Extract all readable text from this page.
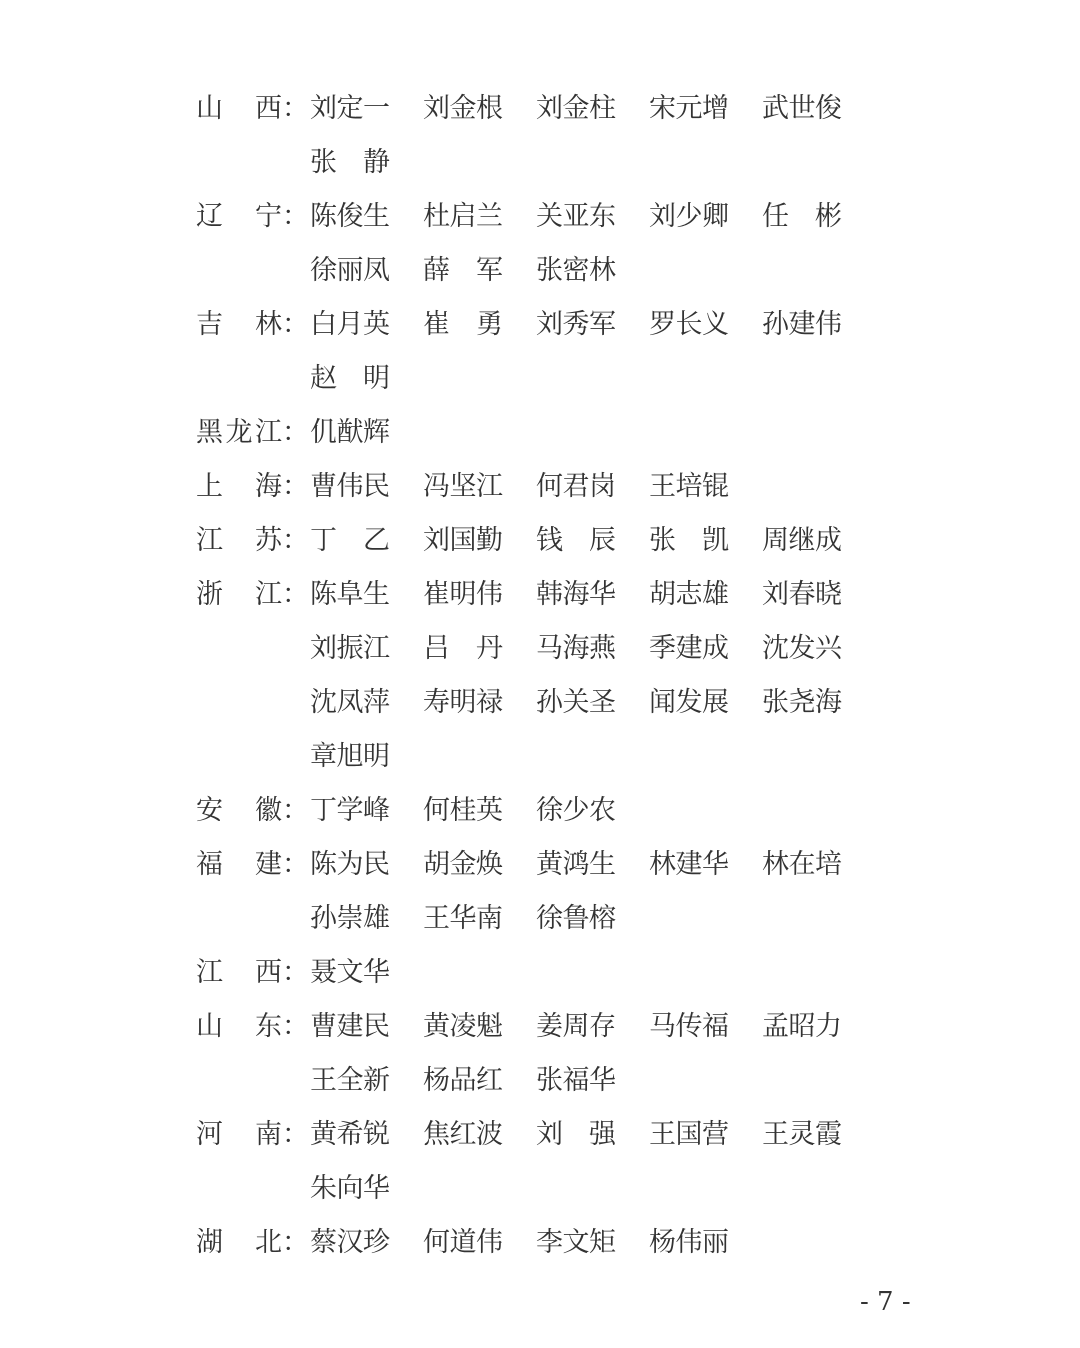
山 西 ： 刘 定 一 刘 金 根 刘 金 柱 宋 元 增 武 世 俊
张 静
辽 宁 ： 陈 俊 生 杜 启 兰 关 亚 东 刘 少 卿 任 彬
徐 丽 凤 薛 军 张 密 林
吉 林 ： 白 月 英 崔 勇 刘 秀 军 罗 长 义 孙 建 伟
赵 明
黑 龙 江 ： 仉 猷 辉
上 海 ： 曹 伟 民 冯 坚 江 何 君 岗 王 培 锟
江 苏 ： 丁 乙 刘 国 勤 钱 辰 张 凯 周 继 成
浙 江 ： 陈 阜 生 崔 明 伟 韩 海 华 胡 志 雄 刘 春 晓
刘 振 江 吕 丹 马 海 燕 季 建 成 沈 发 兴
沈 凤 萍 寿 明 禄 孙 关 圣 闻 发 展 张 尧 海
章 旭 明
安 徽 ： 丁 学 峰 何 桂 英 徐 少 农
福 建 ： 陈 为 民 胡 金 焕 黄 鸿 生 林 建 华 林 在 培
孙 崇 雄 王 华 南 徐 鲁 榕
江 西 ： 聂 文 华
山 东 ： 曹 建 民 黄 凌 魁 姜 周 存 马 传 福 孟 昭 力
王 全 新 杨 品 红 张 福 华
河 南 ： 黄 希 锐 焦 红 波 刘 强 王 国 营 王 灵 霞
朱 向 华
湖 北 ： 蔡 汉 珍 何 道 伟 李 文 矩 杨 伟 丽
- 7 -
